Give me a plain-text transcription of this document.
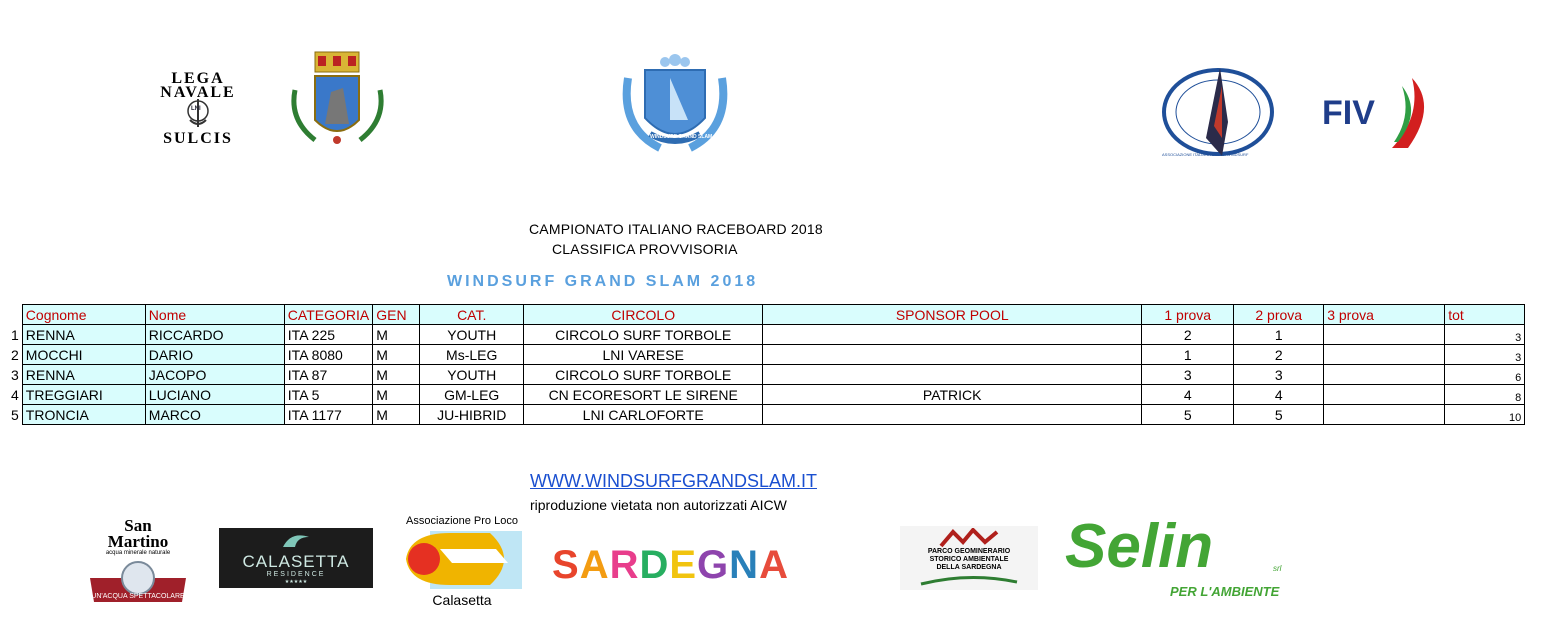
LEGA
NAVALE
LNI
SULCIS	WINDSURF GRAND SLAM
ASSOCIAZIONE ITALIANA CLASSI WINDSURF
FIV
CAMPIONATO ITALIANO RACEBOARD 2018
CLASSIFICA PROVVISORIA
WINDSURF GRAND SLAM 2018
	Cognome	Nome	CATEGORIA	GEN	CAT.	CIRCOLO	SPONSOR POOL	1 prova	2 prova	3 prova	tot
1	RENNA	RICCARDO	ITA 225	M	YOUTH	CIRCOLO SURF TORBOLE		2	1		3
2	MOCCHI	DARIO	ITA 8080	M	Ms-LEG	LNI VARESE		1	2		3
3	RENNA	JACOPO	ITA 87	M	YOUTH	CIRCOLO SURF TORBOLE		3	3		6
4	TREGGIARI	LUCIANO	ITA 5	M	GM-LEG	CN ECORESORT LE SIRENE	PATRICK	4	4		8
5	TRONCIA	MARCO	ITA 1177	M	JU-HIBRID	LNI CARLOFORTE		5	5		10
WWW.WINDSURFGRANDSLAM.IT
riproduzione vietata non autorizzati AICW
San
Martino
acqua minerale naturale
UN'ACQUA SPETTACOLARE
CALASETTA
RESIDENCE
★★★★★
Associazione Pro Loco
Calasetta
SARDEGNA	PARCO GEOMINERARIO
STORICO AMBIENTALE
DELLA SARDEGNA	Selin	srl
PER L'AMBIENTE
